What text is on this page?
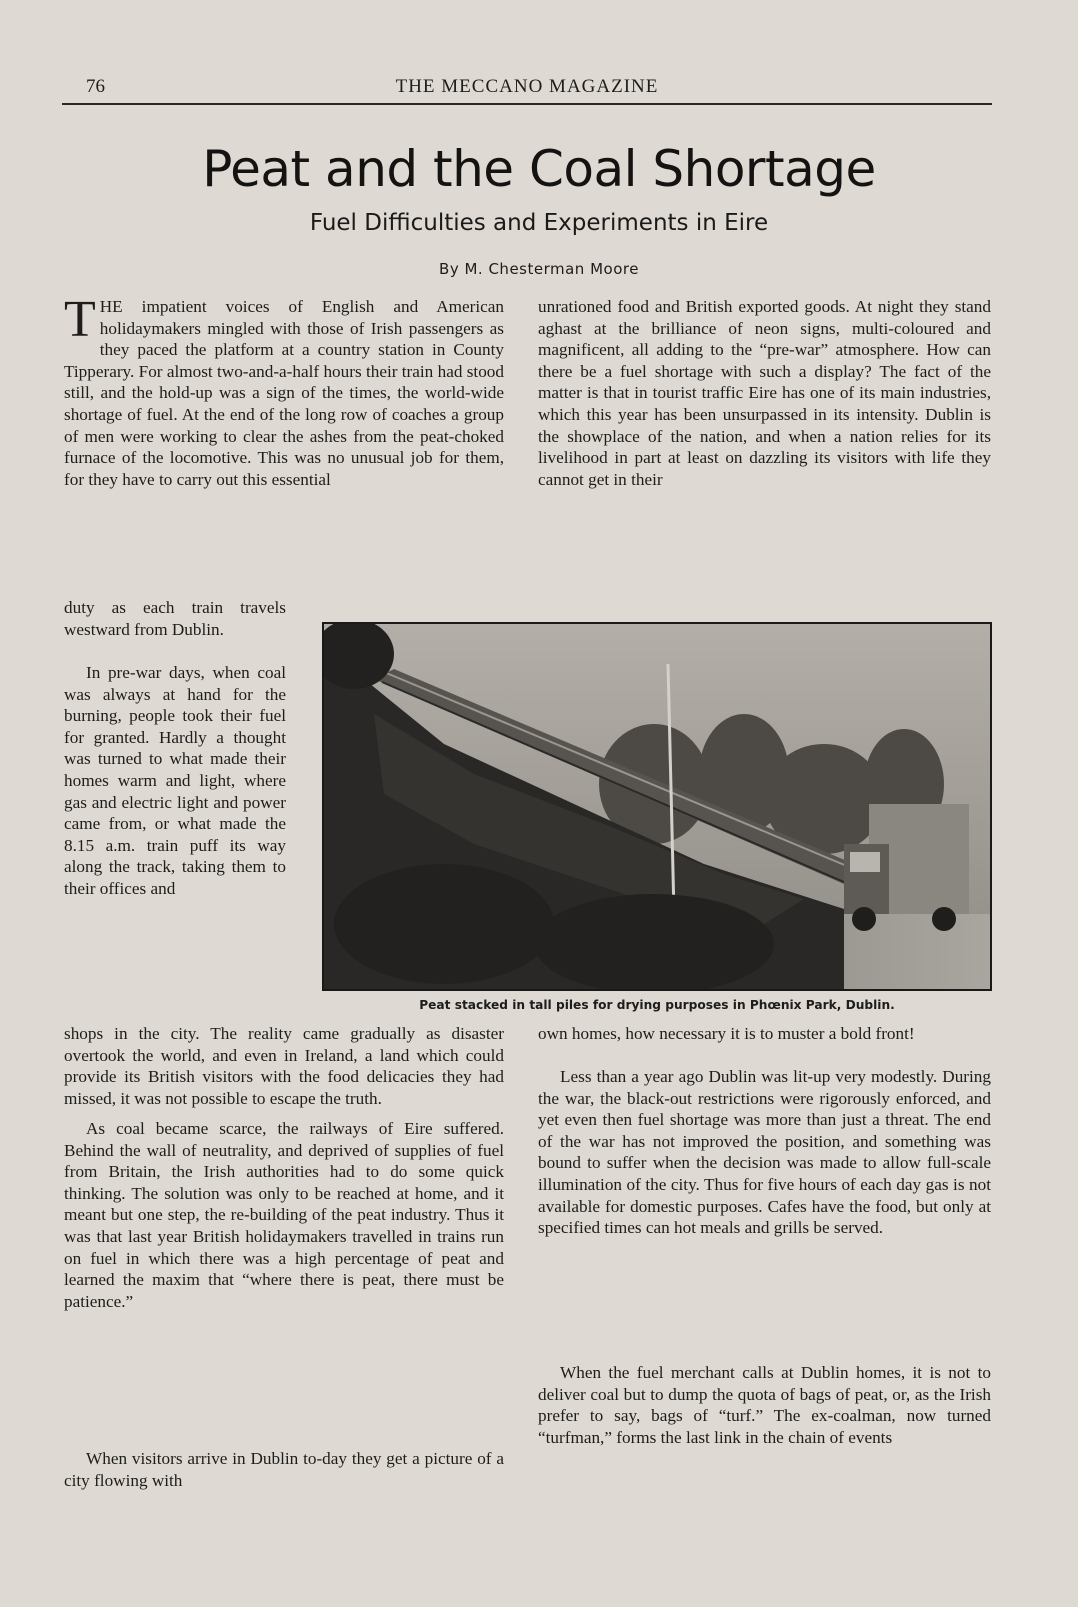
76	THE MECCANO MAGAZINE
Peat and the Coal Shortage
Fuel Difficulties and Experiments in Eire
By M. Chesterman Moore

THE impatient voices of English and American holidaymakers mingled with those of Irish passengers as they paced the platform at a country station in County Tipperary. For almost two-and-a-half hours their train had stood still, and the hold-up was a sign of the times, the world-wide shortage of fuel. At the end of the long row of coaches a group of men were working to clear the ashes from the peat-choked furnace of the locomotive. This was no unusual job for them, for they have to carry out this essential

duty as each train travels westward from Dublin.

In pre-war days, when coal was always at hand for the burning, people took their fuel for granted. Hardly a thought was turned to what made their homes warm and light, where gas and electric light and power came from, or what made the 8.15 a.m. train puff its way along the track, taking them to their offices and

shops in the city. The reality came gradually as disaster overtook the world, and even in Ireland, a land which could provide its British visitors with the food delicacies they had missed, it was not possible to escape the truth.

As coal became scarce, the railways of Eire suffered. Behind the wall of neutrality, and deprived of supplies of fuel from Britain, the Irish authorities had to do some quick thinking. The solution was only to be reached at home, and it meant but one step, the re-building of the peat industry. Thus it was that last year British holidaymakers travelled in trains run on fuel in which there was a high percentage of peat and learned the maxim that “where there is peat, there must be patience.”

When visitors arrive in Dublin to-day they get a picture of a city flowing with

unrationed food and British exported goods. At night they stand aghast at the brilliance of neon signs, multi-coloured and magnificent, all adding to the “pre-war” atmosphere. How can there be a fuel shortage with such a display? The fact of the matter is that in tourist traffic Eire has one of its main industries, which this year has been unsurpassed in its intensity. Dublin is the showplace of the nation, and when a nation relies for its livelihood in part at least on dazzling its visitors with life they cannot get in their

own homes, how necessary it is to muster a bold front!

Less than a year ago Dublin was lit-up very modestly. During the war, the black-out restrictions were rigorously enforced, and yet even then fuel shortage was more than just a threat. The end of the war has not improved the position, and something was bound to suffer when the decision was made to allow full-scale illumination of the city. Thus for five hours of each day gas is not available for domestic purposes. Cafes have the food, but only at specified times can hot meals and grills be served.

When the fuel merchant calls at Dublin homes, it is not to deliver coal but to dump the quota of bags of peat, or, as the Irish prefer to say, bags of “turf.” The ex-coalman, now turned “turfman,” forms the last link in the chain of events

Peat stacked in tall piles for drying purposes in Phœnix Park, Dublin.
